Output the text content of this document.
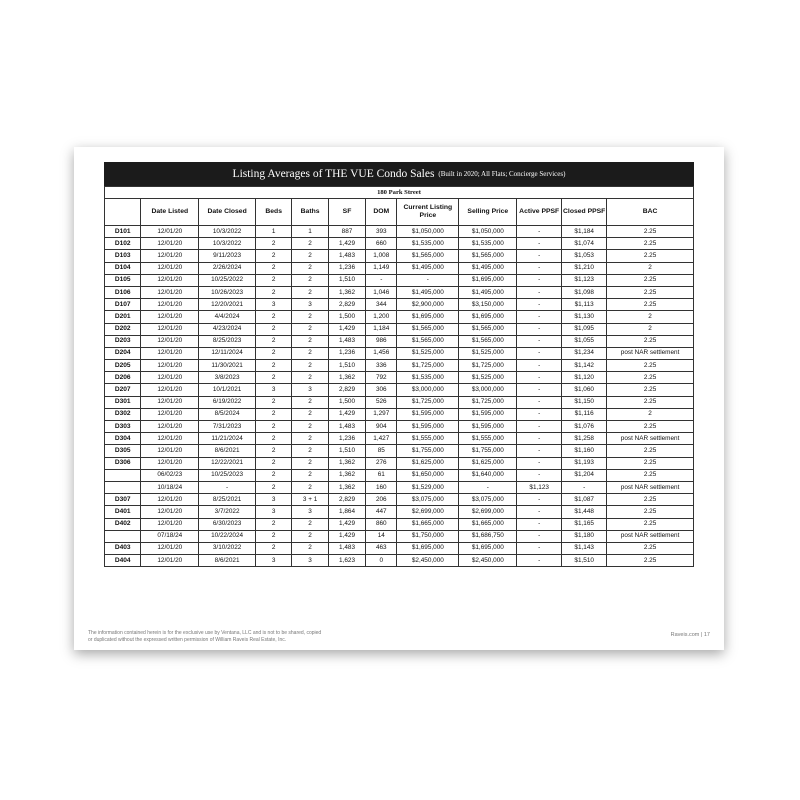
Listing Averages of THE VUE Condo Sales (Built in 2020; All Flats; Concierge Services)
180 Park Street											
	Date Listed	Date Closed	Beds	Baths	SF	DOM	Current Listing Price	Selling Price	Active PPSF	Closed PPSF	BAC
D101	12/01/20	10/3/2022	1	1	887	393	$1,050,000	$1,050,000	-	$1,184	2.25
D102	12/01/20	10/3/2022	2	2	1,429	660	$1,535,000	$1,535,000	-	$1,074	2.25
D103	12/01/20	9/11/2023	2	2	1,483	1,008	$1,565,000	$1,565,000	-	$1,053	2.25
D104	12/01/20	2/26/2024	2	2	1,236	1,149	$1,495,000	$1,495,000	-	$1,210	2
D105	12/01/20	10/25/2022	2	2	1,510	-	-	$1,695,000	-	$1,123	2.25
D106	12/01/20	10/26/2023	2	2	1,362	1,046	$1,495,000	$1,495,000	-	$1,098	2.25
D107	12/01/20	12/20/2021	3	3	2,829	344	$2,900,000	$3,150,000	-	$1,113	2.25
D201	12/01/20	4/4/2024	2	2	1,500	1,200	$1,695,000	$1,695,000	-	$1,130	2
D202	12/01/20	4/23/2024	2	2	1,429	1,184	$1,565,000	$1,565,000	-	$1,095	2
D203	12/01/20	8/25/2023	2	2	1,483	986	$1,565,000	$1,565,000	-	$1,055	2.25
D204	12/01/20	12/11/2024	2	2	1,236	1,456	$1,525,000	$1,525,000	-	$1,234	post NAR settlement
D205	12/01/20	11/30/2021	2	2	1,510	336	$1,725,000	$1,725,000	-	$1,142	2.25
D206	12/01/20	3/8/2023	2	2	1,362	792	$1,535,000	$1,525,000	-	$1,120	2.25
D207	12/01/20	10/1/2021	3	3	2,829	306	$3,000,000	$3,000,000	-	$1,060	2.25
D301	12/01/20	6/19/2022	2	2	1,500	526	$1,725,000	$1,725,000	-	$1,150	2.25
D302	12/01/20	8/5/2024	2	2	1,429	1,297	$1,595,000	$1,595,000	-	$1,116	2
D303	12/01/20	7/31/2023	2	2	1,483	904	$1,595,000	$1,595,000	-	$1,076	2.25
D304	12/01/20	11/21/2024	2	2	1,236	1,427	$1,555,000	$1,555,000	-	$1,258	post NAR settlement
D305	12/01/20	8/6/2021	2	2	1,510	85	$1,755,000	$1,755,000	-	$1,160	2.25
D306	12/01/20	12/22/2021	2	2	1,362	276	$1,625,000	$1,625,000	-	$1,193	2.25
	06/02/23	10/25/2023	2	2	1,362	61	$1,650,000	$1,640,000	-	$1,204	2.25
	10/18/24	-	2	2	1,362	160	$1,529,000	-	$1,123	-	post NAR settlement
D307	12/01/20	8/25/2021	3	3 + 1	2,829	206	$3,075,000	$3,075,000	-	$1,087	2.25
D401	12/01/20	3/7/2022	3	3	1,864	447	$2,699,000	$2,699,000	-	$1,448	2.25
D402	12/01/20	6/30/2023	2	2	1,429	860	$1,665,000	$1,665,000	-	$1,165	2.25
	07/18/24	10/22/2024	2	2	1,429	14	$1,750,000	$1,686,750	-	$1,180	post NAR settlement
D403	12/01/20	3/10/2022	2	2	1,483	463	$1,695,000	$1,695,000	-	$1,143	2.25
D404	12/01/20	8/6/2021	3	3	1,623	0	$2,450,000	$2,450,000	-	$1,510	2.25
The information contained herein is for the exclusive use by Ventana, LLC and is not to be shared, copied
or duplicated without the expressed written permission of William Raveis Real Estate, Inc.
Raveis.com | 17
